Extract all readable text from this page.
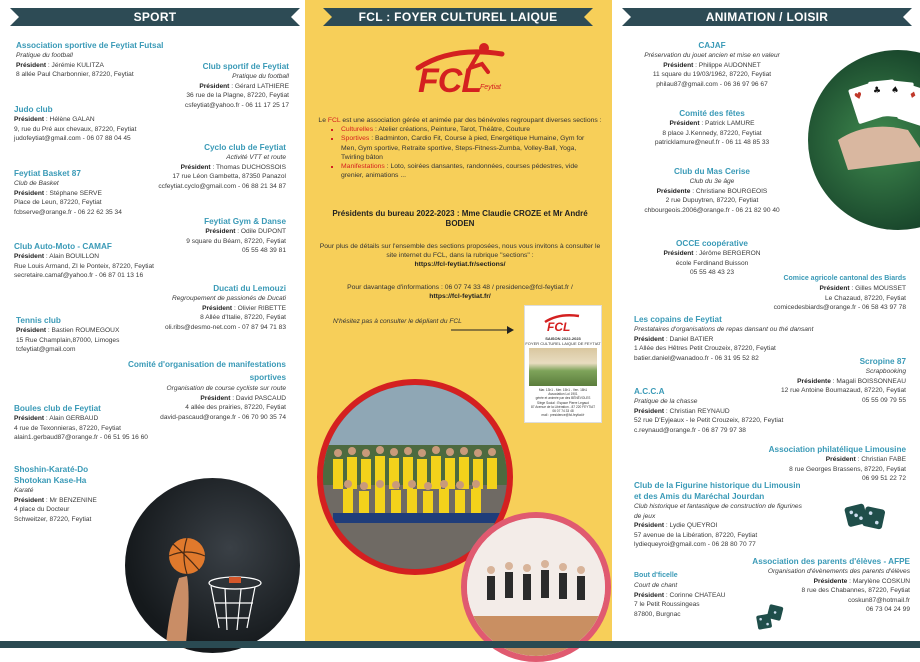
SPORT
Association sportive de Feytiat Futsal
Pratique du football
Président : Jérémie KULITZA
8 allée Paul Charbonnier, 87220, Feytiat
Club sportif de Feytiat
Pratique du football
Président : Gérard LATHIERE
36 rue de la Plagne, 87220, Feytiat
csfeytiat@yahoo.fr - 06 11 17 25 17
Judo club
Président : Hélène GALAN
9, rue du Pré aux chevaux, 87220, Feytiat
judofeytiat@gmail.com - 06 07 88 04 45
Cyclo club de Feytiat
Activité VTT et route
Président : Thomas DUCHOSSOIS
17 rue Léon Gambetta, 87350 Panazol
ccfeytiat.cyclo@gmail.com - 06 88 21 34 87
Feytiat Basket 87
Club de Basket
Président : Stéphane SERVE
Place de Leun, 87220, Feytiat
fcbserve@orange.fr - 06 22 62 35 34
Feytiat Gym & Danse
Président : Odile DUPONT
9 square du Béarn, 87220, Feytiat
05 55 48 39 81
Club Auto-Moto - CAMAF
Président : Alain BOUILLON
Rue Louis Armand, ZI le Ponteix, 87220, Feytiat
secretaire.camaf@yahoo.fr - 06 87 01 13 16
Ducati du Lemouzi
Regroupement de passionés de Ducati
Président : Olivier RIBETTE
8 Allée d'Italie, 87220, Feytiat
oli.ribs@desmo-net.com - 07 87 94 71 83
Tennis club
Président : Bastien ROUMEGOUX
15 Rue Champlain,87000, Limoges
tcfeytiat@gmail.com
Comité d'organisation de manifestations sportives
Organisation de course cycliste sur route
Président : David PASCAUD
4 allée des prairies, 87220, Feytiat
david-pascaud@orange.fr - 06 70 90 35 74
Boules club de Feytiat
Président : Alain GERBAUD
4 rue de Texonnieras, 87220, Feytiat
alain1.gerbaud87@orange.fr - 06 51 95 16 60
Shoshin-Karaté-Do Shotokan Kase-Ha
Karaté
Président : Mr BENZENINE
4 place du Docteur
Schweitzer, 87220, Feytiat
FCL : FOYER CULTUREL LAIQUE
FCL
Feytiat
Le FCL est une association gérée et animée par des bénévoles regroupant diverses sections :
▪ Culturelles : Atelier créations, Peinture, Tarot, Théâtre, Couture
▪ Sportives : Badminton, Cardio Fit, Course à pied, Energétique Humaine, Gym for Men, Gym sportive, Retraite sportive, Steps-Fitness-Zumba, Volley-Ball, Yoga, Twirling bâton
▪ Manifestations : Loto, soirées dansantes, randonnées, courses pédestres, vide grenier, animations ...
Présidents du bureau 2022-2023 : Mme Claudie CROZE et Mr André BODEN
Pour plus de détails sur l'ensemble des sections proposées, nous vous invitons à consulter le site internet du FCL, dans la rubrique "sections" :
https://fcl-feytiat.fr/sections/
Pour davantage d'informations : 06 07 74 33 48 / presidence@fcl-feytiat.fr /
https://fcl-feytiat.fr/
N'hésitez pas à consulter le dépliant du FCL	FCL
SAISON 2022-2023
FOYER CULTUREL LAIQUE DE FEYTIAT
Mar. 13h1 - Mer. 15h1 - Ven. 18h1
Association Loi 1901
gérée et animée par des BÉNÉVOLES
Siège Social : Espace Pierre Legaud
87 Avenue de la Libération - 87 220 FEYTIAT
06 07 74 33 48
mail : presidence@fcl-feytiat.fr
ANIMATION / LOISIR
♥ ♣ ♠ ♦
CAJAF
Préservation du jouet ancien et mise en valeur
Président : Philippe AUDONNET
11 square du 19/03/1962, 87220, Feytiat
philau87@gmail.com - 06 36 97 96 67
Comité des fêtes
Président : Patrick LAMURE
8 place J.Kennedy, 87220, Feytiat
patricklamure@neuf.fr - 06 11 48 85 33
Club du Mas Cerise
Club du 3e âge
Présidente : Christiane BOURGEOIS
2 rue Dupuytren, 87220, Feytiat
chbourgeois.2006@orange.fr - 06 21 82 90 40
OCCE coopérative
Président : Jérôme BERGERON
école Ferdinand Buisson
05 55 48 43 23
Comice agricole cantonal des Biards
Président : Gilles MOUSSET
Le Chazaud, 87220, Feytiat
comicedesbiards@orange.fr - 06 58 43 97 78
Les copains de Feytiat
Prestataires d'organisations de repas dansant ou thé dansant
Président : Daniel BATIER
1 Allée des Hêtres Petit Crouzeix, 87220, Feytiat
batier.daniel@wanadoo.fr - 06 31 95 52 82	Scropine 87
Scrapbooking
Présidente : Magali BOISSONNEAU
12 rue Antoine Boumazaud, 87220, Feytiat
05 55 09 79 55
A.C.C.A
Pratique de la chasse
Président : Christian REYNAUD
52 rue D'Eyjeaux - le Petit Crouzeix, 87220, Feytiat
c.reynaud@orange.fr - 06 87 79 97 38
Association philatélique Limousine
Président : Christian FABE
8 rue Georges Brassens, 87220, Feytiat
06 99 51 22 72
Club de la Figurine historique du Limousin et des Amis du Maréchal Jourdan
Club historique et fantastique de construction de figurines de jeux
Président : Lydie QUEYROI
57 avenue de la Libération, 87220, Feytiat
lydiequeyroi@gmail.com - 06 28 80 70 77
Association des parents d'élèves - AFPE
Organisation d'évènements des parents d'élèves
Présidente : Marylène COSKUN
8 rue des Chabannes, 87220, Feytiat
coskun87@hotmail.fr
06 73 04 24 99
Bout d'ficelle
Court de chant
Président : Corinne CHATEAU
7 le Petit Roussingeas
87800, Burgnac
